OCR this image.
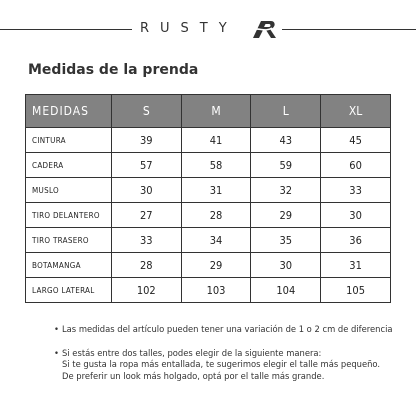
RUSTY
Medidas de la prenda
MEDIDAS	S	M	L	XL
CINTURA	39	41	43	45
CADERA	57	58	59	60
MUSLO	30	31	32	33
TIRO DELANTERO	27	28	29	30
TIRO TRASERO	33	34	35	36
BOTAMANGA	28	29	30	31
LARGO LATERAL	102	103	104	105
• Las medidas del artículo pueden tener una variación de 1 o 2 cm de diferencia
• Si estás entre dos talles, podes elegir de la siguiente manera:
Si te gusta la ropa más entallada, te sugerimos elegir el talle más pequeño.
De preferir un look más holgado, optá por el talle más grande.
